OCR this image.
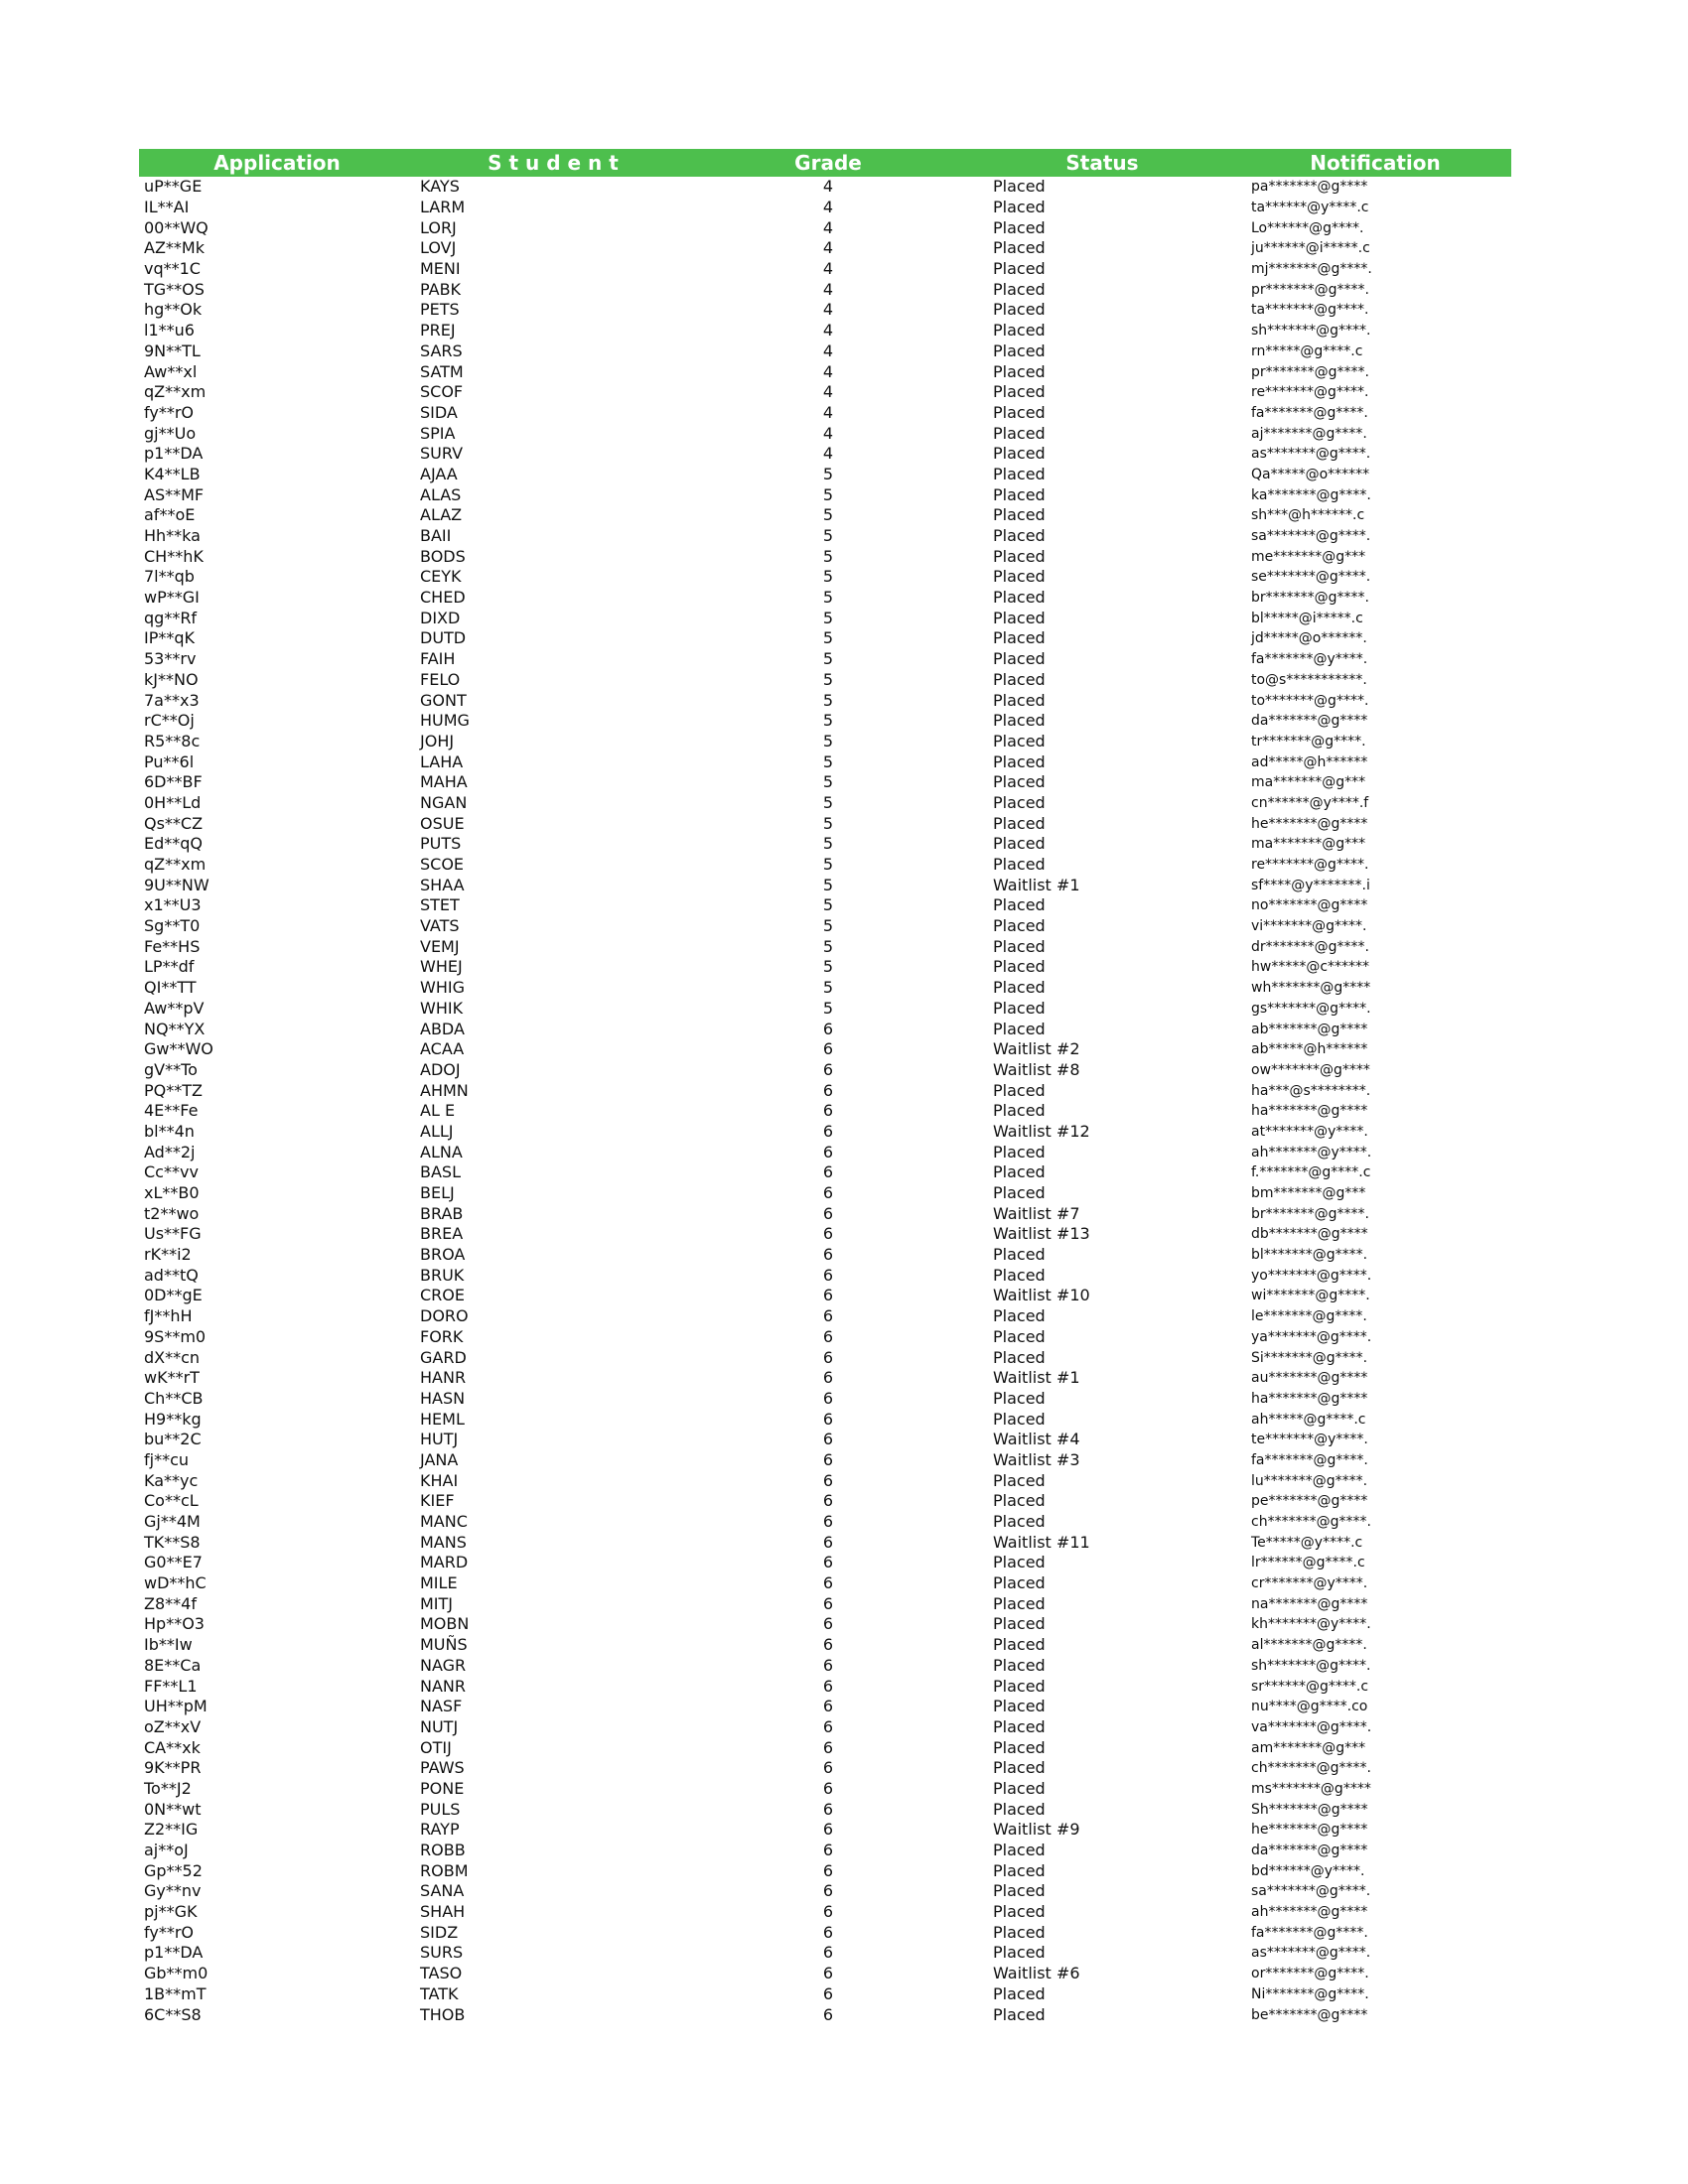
Application	S t u d e n t	Grade	Status	Notification
uP**GE	KAYS	4	Placed	pa*******@g****
IL**AI	LARM	4	Placed	ta******@y****.c
00**WQ	LORJ	4	Placed	Lo******@g****.
AZ**Mk	LOVJ	4	Placed	ju******@i*****.c
vq**1C	MENI	4	Placed	mj*******@g****.
TG**OS	PABK	4	Placed	pr*******@g****.
hg**Ok	PETS	4	Placed	ta*******@g****.
l1**u6	PREJ	4	Placed	sh*******@g****.
9N**TL	SARS	4	Placed	rn*****@g****.c
Aw**xl	SATM	4	Placed	pr*******@g****.
qZ**xm	SCOF	4	Placed	re*******@g****.
fy**rO	SIDA	4	Placed	fa*******@g****.
gj**Uo	SPIA	4	Placed	aj*******@g****.
p1**DA	SURV	4	Placed	as*******@g****.
K4**LB	AJAA	5	Placed	Qa*****@o******
AS**MF	ALAS	5	Placed	ka*******@g****.
af**oE	ALAZ	5	Placed	sh***@h******.c
Hh**ka	BAII	5	Placed	sa*******@g****.
CH**hK	BODS	5	Placed	me*******@g***
7l**qb	CEYK	5	Placed	se*******@g****.
wP**GI	CHED	5	Placed	br*******@g****.
qg**Rf	DIXD	5	Placed	bl*****@i*****.c
IP**qK	DUTD	5	Placed	jd*****@o******.
53**rv	FAIH	5	Placed	fa*******@y****.
kJ**NO	FELO	5	Placed	to@s***********.
7a**x3	GONT	5	Placed	to*******@g****.
rC**Oj	HUMG	5	Placed	da*******@g****
R5**8c	JOHJ	5	Placed	tr*******@g****.
Pu**6l	LAHA	5	Placed	ad*****@h******
6D**BF	MAHA	5	Placed	ma*******@g***
0H**Ld	NGAN	5	Placed	cn******@y****.f
Qs**CZ	OSUE	5	Placed	he*******@g****
Ed**qQ	PUTS	5	Placed	ma*******@g***
qZ**xm	SCOE	5	Placed	re*******@g****.
9U**NW	SHAA	5	Waitlist #1	sf****@y*******.i
x1**U3	STET	5	Placed	no*******@g****
Sg**T0	VATS	5	Placed	vi*******@g****.
Fe**HS	VEMJ	5	Placed	dr*******@g****.
LP**df	WHEJ	5	Placed	hw*****@c******
QI**TT	WHIG	5	Placed	wh*******@g****
Aw**pV	WHIK	5	Placed	gs*******@g****.
NQ**YX	ABDA	6	Placed	ab*******@g****
Gw**WO	ACAA	6	Waitlist #2	ab*****@h******
gV**To	ADOJ	6	Waitlist #8	ow*******@g****
PQ**TZ	AHMN	6	Placed	ha***@s********.
4E**Fe	AL E	6	Placed	ha*******@g****
bl**4n	ALLJ	6	Waitlist #12	at*******@y****.
Ad**2j	ALNA	6	Placed	ah*******@y****.
Cc**vv	BASL	6	Placed	f.*******@g****.c
xL**B0	BELJ	6	Placed	bm*******@g***
t2**wo	BRAB	6	Waitlist #7	br*******@g****.
Us**FG	BREA	6	Waitlist #13	db*******@g****
rK**i2	BROA	6	Placed	bl*******@g****.
ad**tQ	BRUK	6	Placed	yo*******@g****.
0D**gE	CROE	6	Waitlist #10	wi*******@g****.
fJ**hH	DORO	6	Placed	le*******@g****.
9S**m0	FORK	6	Placed	ya*******@g****.
dX**cn	GARD	6	Placed	Si*******@g****.
wK**rT	HANR	6	Waitlist #1	au*******@g****
Ch**CB	HASN	6	Placed	ha*******@g****
H9**kg	HEML	6	Placed	ah*****@g****.c
bu**2C	HUTJ	6	Waitlist #4	te*******@y****.
fj**cu	JANA	6	Waitlist #3	fa*******@g****.
Ka**yc	KHAI	6	Placed	lu*******@g****.
Co**cL	KIEF	6	Placed	pe*******@g****
Gj**4M	MANC	6	Placed	ch*******@g****.
TK**S8	MANS	6	Waitlist #11	Te*****@y****.c
G0**E7	MARD	6	Placed	lr******@g****.c
wD**hC	MILE	6	Placed	cr*******@y****.
Z8**4f	MITJ	6	Placed	na*******@g****
Hp**O3	MOBN	6	Placed	kh*******@y****.
Ib**Iw	MUÑS	6	Placed	al*******@g****.
8E**Ca	NAGR	6	Placed	sh*******@g****.
FF**L1	NANR	6	Placed	sr******@g****.c
UH**pM	NASF	6	Placed	nu****@g****.co
oZ**xV	NUTJ	6	Placed	va*******@g****.
CA**xk	OTIJ	6	Placed	am*******@g***
9K**PR	PAWS	6	Placed	ch*******@g****.
To**J2	PONE	6	Placed	ms*******@g****
0N**wt	PULS	6	Placed	Sh*******@g****
Z2**IG	RAYP	6	Waitlist #9	he*******@g****
aj**oJ	ROBB	6	Placed	da*******@g****
Gp**52	ROBM	6	Placed	bd******@y****.
Gy**nv	SANA	6	Placed	sa*******@g****.
pj**GK	SHAH	6	Placed	ah*******@g****
fy**rO	SIDZ	6	Placed	fa*******@g****.
p1**DA	SURS	6	Placed	as*******@g****.
Gb**m0	TASO	6	Waitlist #6	or*******@g****.
1B**mT	TATK	6	Placed	Ni*******@g****.
6C**S8	THOB	6	Placed	be*******@g****
